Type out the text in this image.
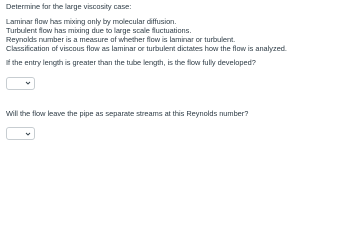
Determine for the large viscosity case:

Laminar flow has mixing only by molecular diffusion.

Turbulent flow has mixing due to large scale fluctuations.

Reynolds number is a measure of whether flow is laminar or turbulent.

Classification of viscous flow as laminar or turbulent dictates how the flow is analyzed.

If the entry length is greater than the tube length, is the flow fully developed?

Will the flow leave the pipe as separate streams at this Reynolds number?
